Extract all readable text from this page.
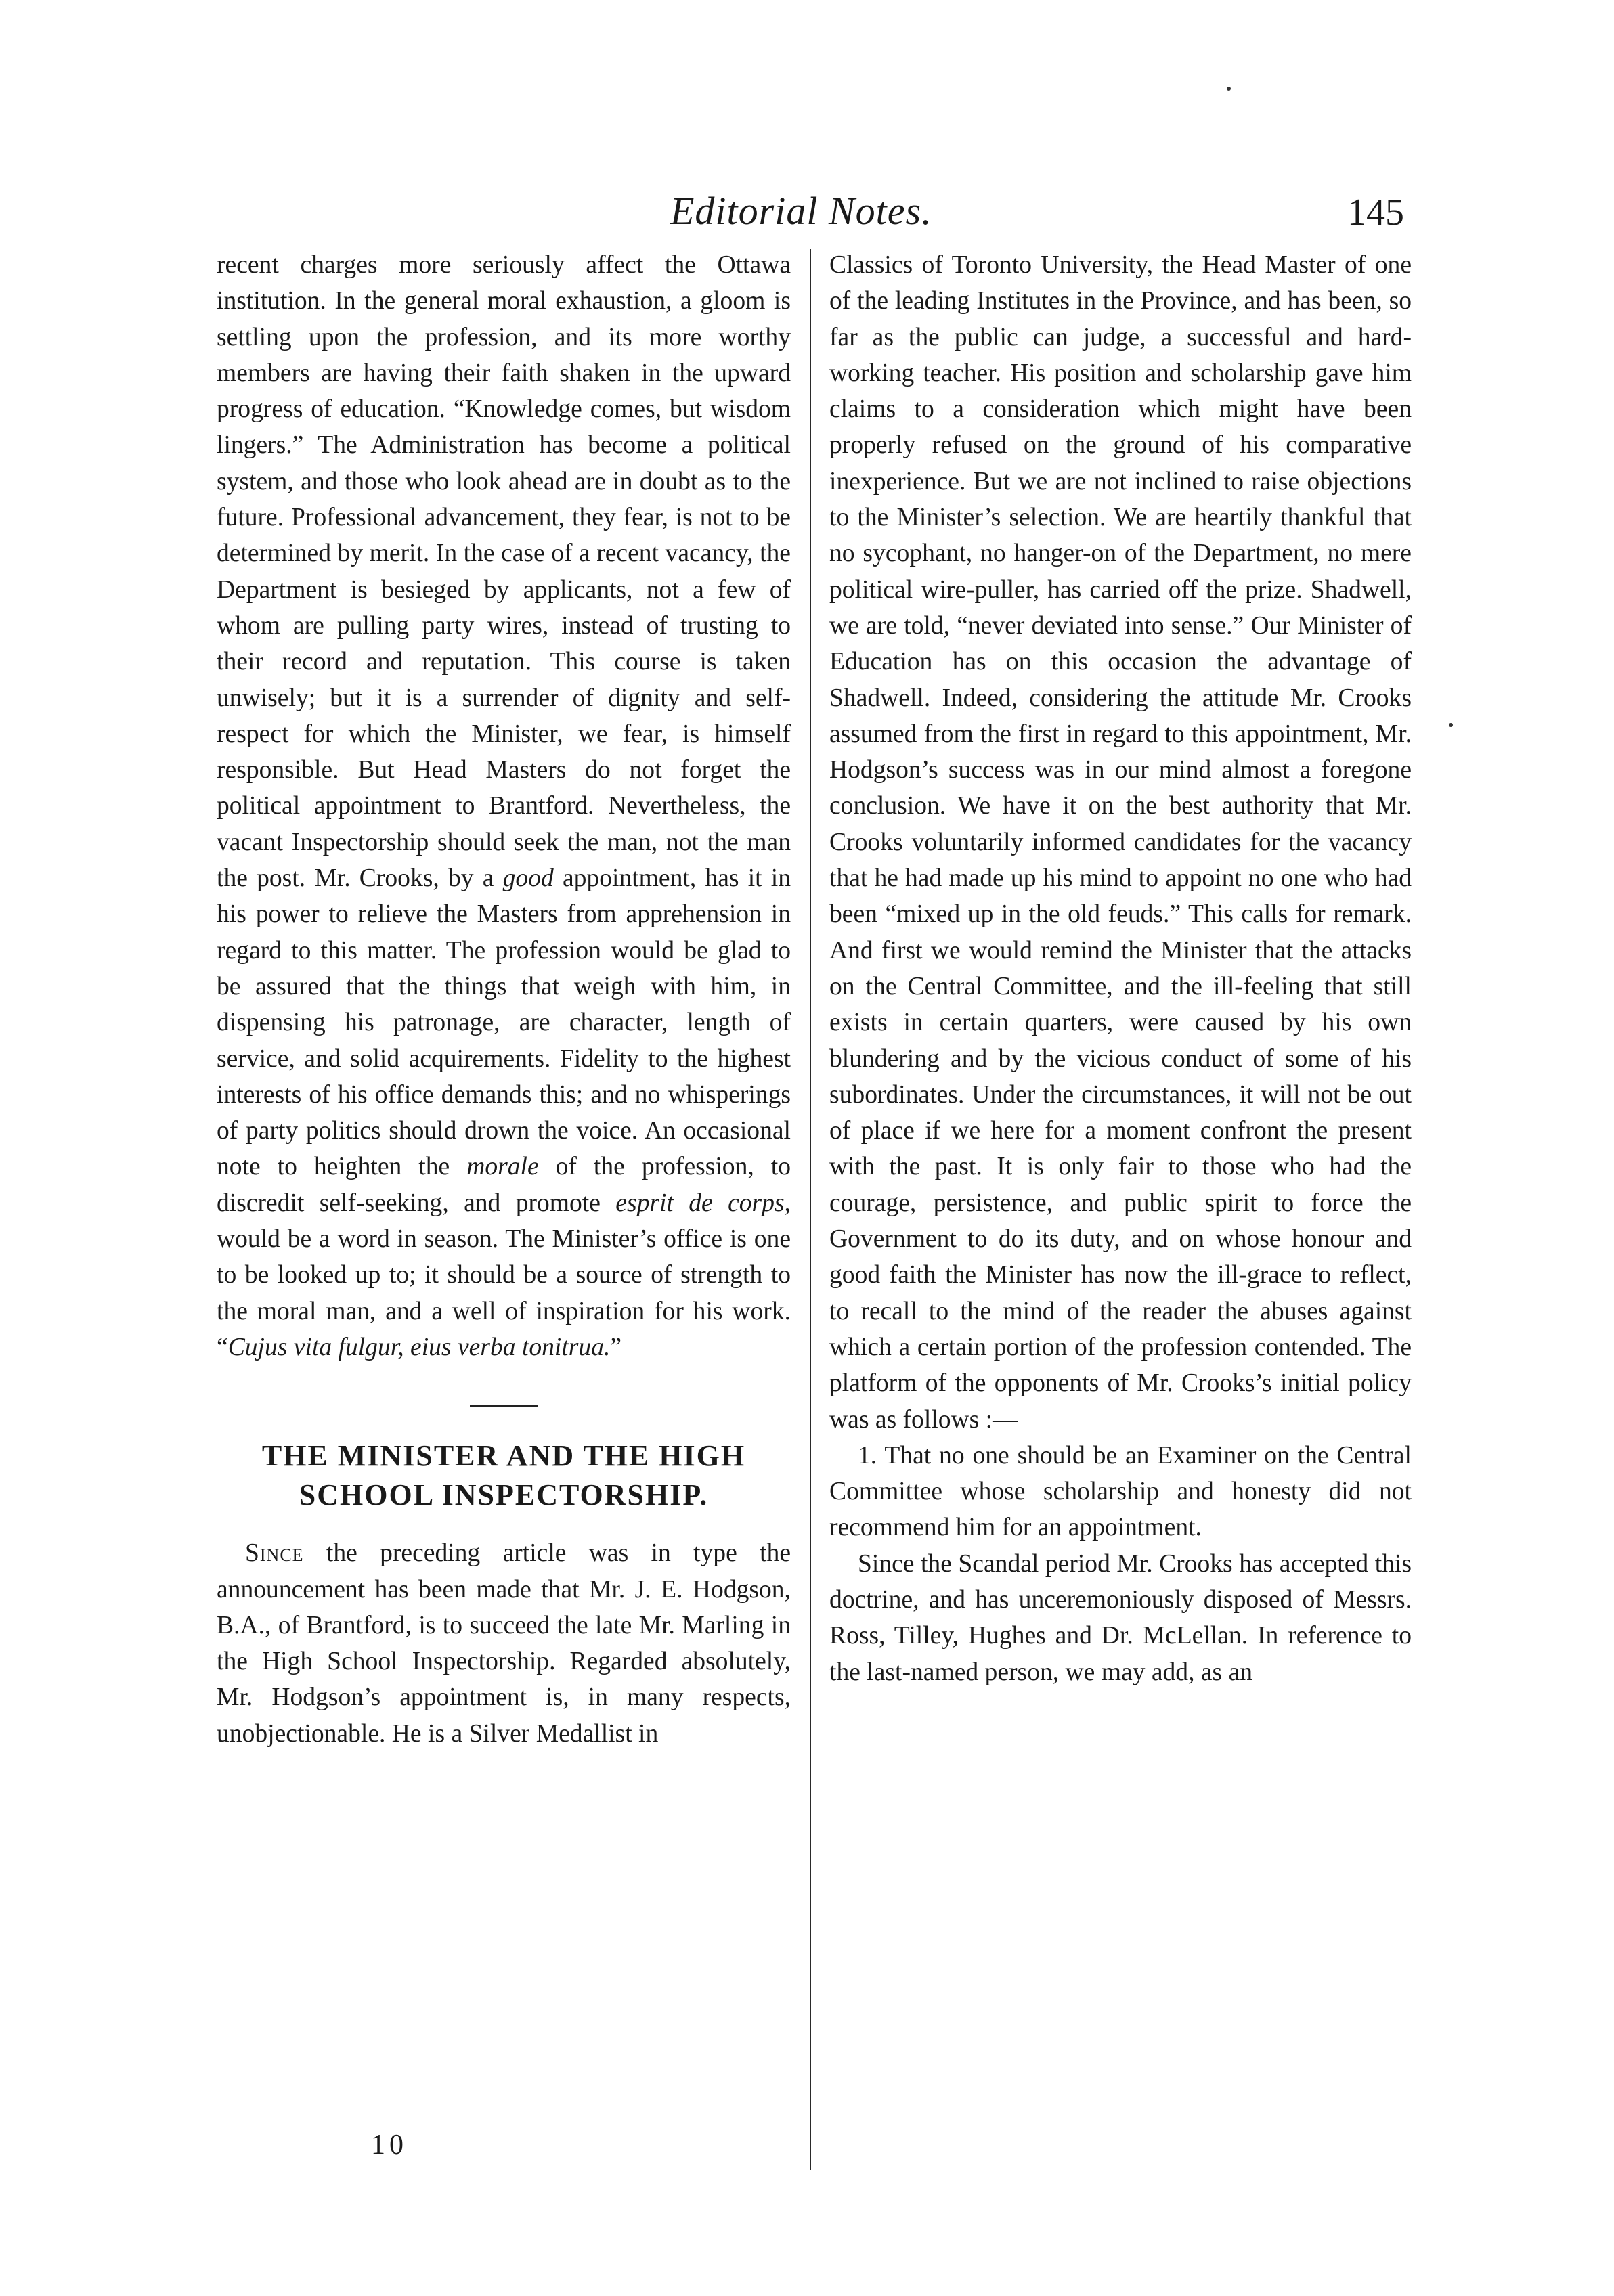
Editorial Notes.	145

recent charges more seriously affect the Ottawa institution. In the general moral exhaustion, a gloom is settling upon the profession, and its more worthy members are having their faith shaken in the upward progress of education. “Knowledge comes, but wisdom lingers.” The Administration has become a political system, and those who look ahead are in doubt as to the future. Professional advancement, they fear, is not to be determined by merit. In the case of a recent vacancy, the Department is besieged by applicants, not a few of whom are pulling party wires, instead of trusting to their record and reputation. This course is taken unwisely; but it is a surrender of dignity and self-respect for which the Minister, we fear, is himself responsible. But Head Masters do not forget the political appointment to Brantford. Nevertheless, the vacant Inspectorship should seek the man, not the man the post. Mr. Crooks, by a good appointment, has it in his power to relieve the Masters from apprehension in regard to this matter. The profession would be glad to be assured that the things that weigh with him, in dispensing his patronage, are character, length of service, and solid acquirements. Fidelity to the highest interests of his office demands this; and no whisperings of party politics should drown the voice. An occasional note to heighten the morale of the profession, to discredit self-seeking, and promote esprit de corps, would be a word in season. The Minister’s office is one to be looked up to; it should be a source of strength to the moral man, and a well of inspiration for his work. “Cujus vita fulgur, eius verba tonitrua.”

THE MINISTER AND THE HIGH SCHOOL INSPECTORSHIP.

Since the preceding article was in type the announcement has been made that Mr. J. E. Hodgson, B.A., of Brantford, is to succeed the late Mr. Marling in the High School Inspectorship. Regarded absolutely, Mr. Hodgson’s appointment is, in many respects, unobjectionable. He is a Silver Medallist in

Classics of Toronto University, the Head Master of one of the leading Institutes in the Province, and has been, so far as the public can judge, a successful and hard-working teacher. His position and scholarship gave him claims to a consideration which might have been properly refused on the ground of his comparative inexperience. But we are not inclined to raise objections to the Minister’s selection. We are heartily thankful that no sycophant, no hanger-on of the Department, no mere political wire-puller, has carried off the prize. Shadwell, we are told, “never deviated into sense.” Our Minister of Education has on this occasion the advantage of Shadwell. Indeed, considering the attitude Mr. Crooks assumed from the first in regard to this appointment, Mr. Hodgson’s success was in our mind almost a foregone conclusion. We have it on the best authority that Mr. Crooks voluntarily informed candidates for the vacancy that he had made up his mind to appoint no one who had been “mixed up in the old feuds.” This calls for remark. And first we would remind the Minister that the attacks on the Central Committee, and the ill-feeling that still exists in certain quarters, were caused by his own blundering and by the vicious conduct of some of his subordinates. Under the circumstances, it will not be out of place if we here for a moment confront the present with the past. It is only fair to those who had the courage, persistence, and public spirit to force the Government to do its duty, and on whose honour and good faith the Minister has now the ill-grace to reflect, to recall to the mind of the reader the abuses against which a certain portion of the profession contended. The platform of the opponents of Mr. Crooks’s initial policy was as follows :—

1. That no one should be an Examiner on the Central Committee whose scholarship and honesty did not recommend him for an appointment.

Since the Scandal period Mr. Crooks has accepted this doctrine, and has unceremoniously disposed of Messrs. Ross, Tilley, Hughes and Dr. McLellan. In reference to the last-named person, we may add, as an

10
